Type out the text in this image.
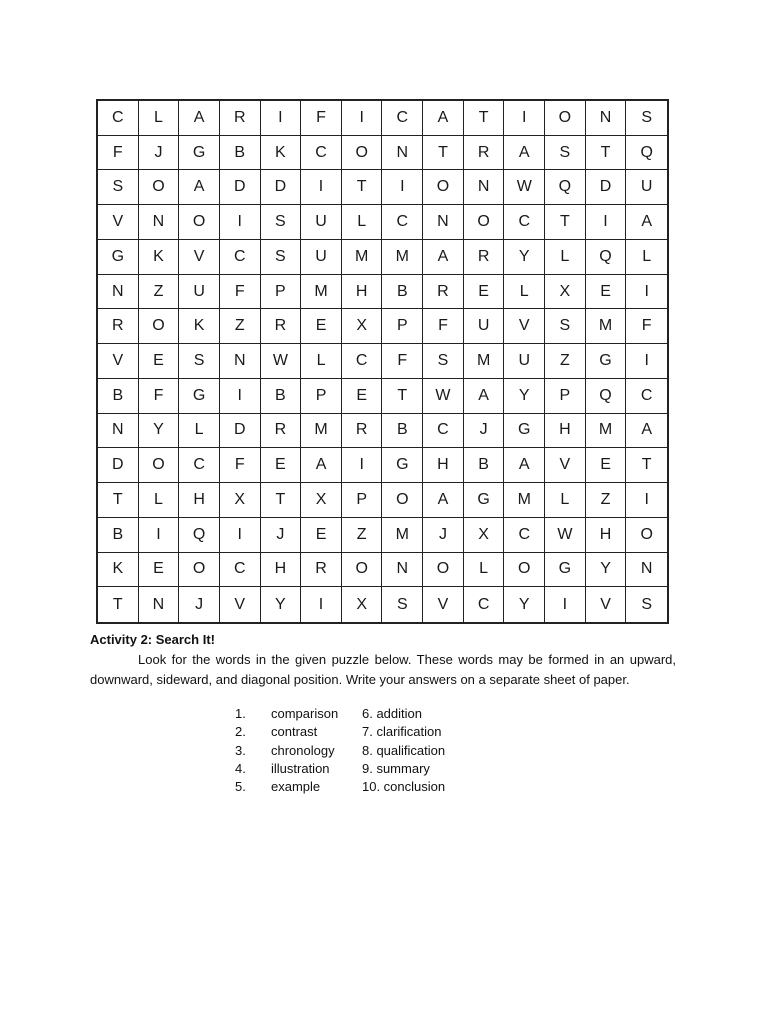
C	L	A	R	I	F	I	C	A	T	I	O	N	S
F	J	G	B	K	C	O	N	T	R	A	S	T	Q
S	O	A	D	D	I	T	I	O	N	W	Q	D	U
V	N	O	I	S	U	L	C	N	O	C	T	I	A
G	K	V	C	S	U	M	M	A	R	Y	L	Q	L
N	Z	U	F	P	M	H	B	R	E	L	X	E	I
R	O	K	Z	R	E	X	P	F	U	V	S	M	F
V	E	S	N	W	L	C	F	S	M	U	Z	G	I
B	F	G	I	B	P	E	T	W	A	Y	P	Q	C
N	Y	L	D	R	M	R	B	C	J	G	H	M	A
D	O	C	F	E	A	I	G	H	B	A	V	E	T
T	L	H	X	T	X	P	O	A	G	M	L	Z	I
B	I	Q	I	J	E	Z	M	J	X	C	W	H	O
K	E	O	C	H	R	O	N	O	L	O	G	Y	N
T	N	J	V	Y	I	X	S	V	C	Y	I	V	S

Activity 2: Search It!

Look for the words in the given puzzle below. These words may be formed in an upward, downward, sideward, and diagonal position. Write your answers on a separate sheet of paper.

1.	comparison	6. addition
2.	contrast	7. clarification
3.	chronology	8. qualification
4.	illustration	9. summary
5.	example	10. conclusion
